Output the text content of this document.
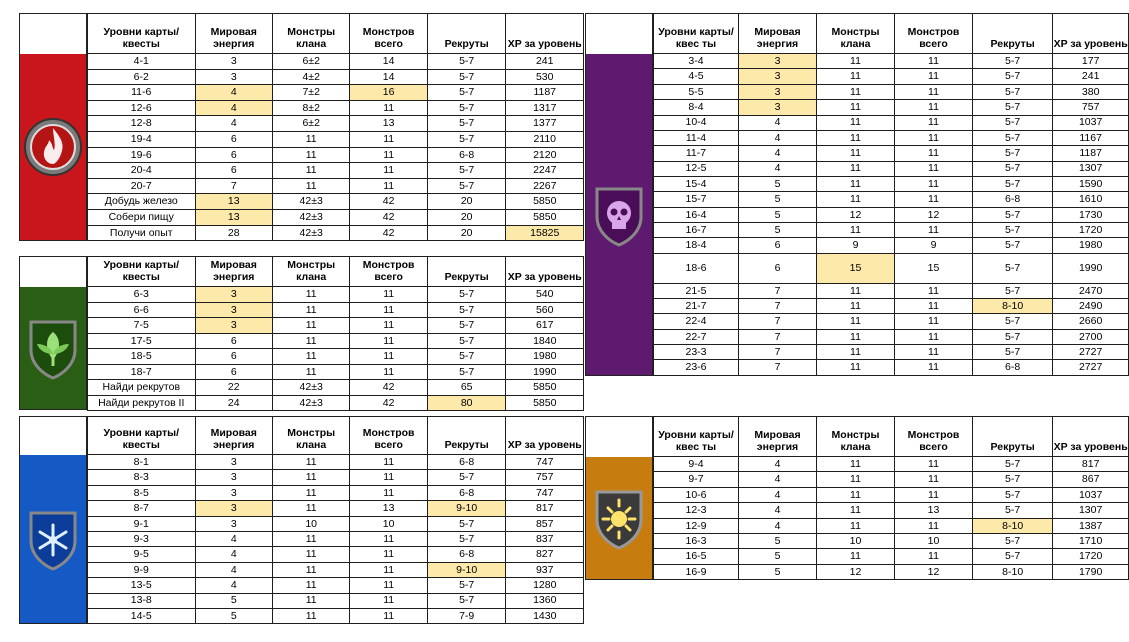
Уровни карты/квесты	Мировая энергия	Монстры клана	Монстров всего	Рекруты	XP за уровень
4-1	3	6±2	14	5-7	241
6-2	3	4±2	14	5-7	530
11-6	4	7±2	16	5-7	1187
12-6	4	8±2	11	5-7	1317
12-8	4	6±2	13	5-7	1377
19-4	6	11	11	5-7	2110
19-6	6	11	11	6-8	2120
20-4	6	11	11	5-7	2247
20-7	7	11	11	5-7	2267
Добудь железо	13	42±3	42	20	5850
Собери пищу	13	42±3	42	20	5850
Получи опыт	28	42±3	42	20	15825
Уровни карты/квесты	Мировая энергия	Монстры клана	Монстров всего	Рекруты	XP за уровень
6-3	3	11	11	5-7	540
6-6	3	11	11	5-7	560
7-5	3	11	11	5-7	617
17-5	6	11	11	5-7	1840
18-5	6	11	11	5-7	1980
18-7	6	11	11	5-7	1990
Найди рекрутов	22	42±3	42	65	5850
Найди рекрутов II	24	42±3	42	80	5850
Уровни карты/квесты	Мировая энергия	Монстры клана	Монстров всего	Рекруты	XP за уровень
8-1	3	11	11	6-8	747
8-3	3	11	11	5-7	757
8-5	3	11	11	6-8	747
8-7	3	11	13	9-10	817
9-1	3	10	10	5-7	857
9-3	4	11	11	5-7	837
9-5	4	11	11	6-8	827
9-9	4	11	11	9-10	937
13-5	4	11	11	5-7	1280
13-8	5	11	11	5-7	1360
14-5	5	11	11	7-9	1430
Уровни карты/квес ты	Мировая энергия	Монстры клана	Монстров всего	Рекруты	XP за уровень
3-4	3	11	11	5-7	177
4-5	3	11	11	5-7	241
5-5	3	11	11	5-7	380
8-4	3	11	11	5-7	757
10-4	4	11	11	5-7	1037
11-4	4	11	11	5-7	1167
11-7	4	11	11	5-7	1187
12-5	4	11	11	5-7	1307
15-4	5	11	11	5-7	1590
15-7	5	11	11	6-8	1610
16-4	5	12	12	5-7	1730
16-7	5	11	11	5-7	1720
18-4	6	9	9	5-7	1980
18-6	6	15	15	5-7	1990
21-5	7	11	11	5-7	2470
21-7	7	11	11	8-10	2490
22-4	7	11	11	5-7	2660
22-7	7	11	11	5-7	2700
23-3	7	11	11	5-7	2727
23-6	7	11	11	6-8	2727
Уровни карты/квес ты	Мировая энергия	Монстры клана	Монстров всего	Рекруты	XP за уровень
9-4	4	11	11	5-7	817
9-7	4	11	11	5-7	867
10-6	4	11	11	5-7	1037
12-3	4	11	13	5-7	1307
12-9	4	11	11	8-10	1387
16-3	5	10	10	5-7	1710
16-5	5	11	11	5-7	1720
16-9	5	12	12	8-10	1790
